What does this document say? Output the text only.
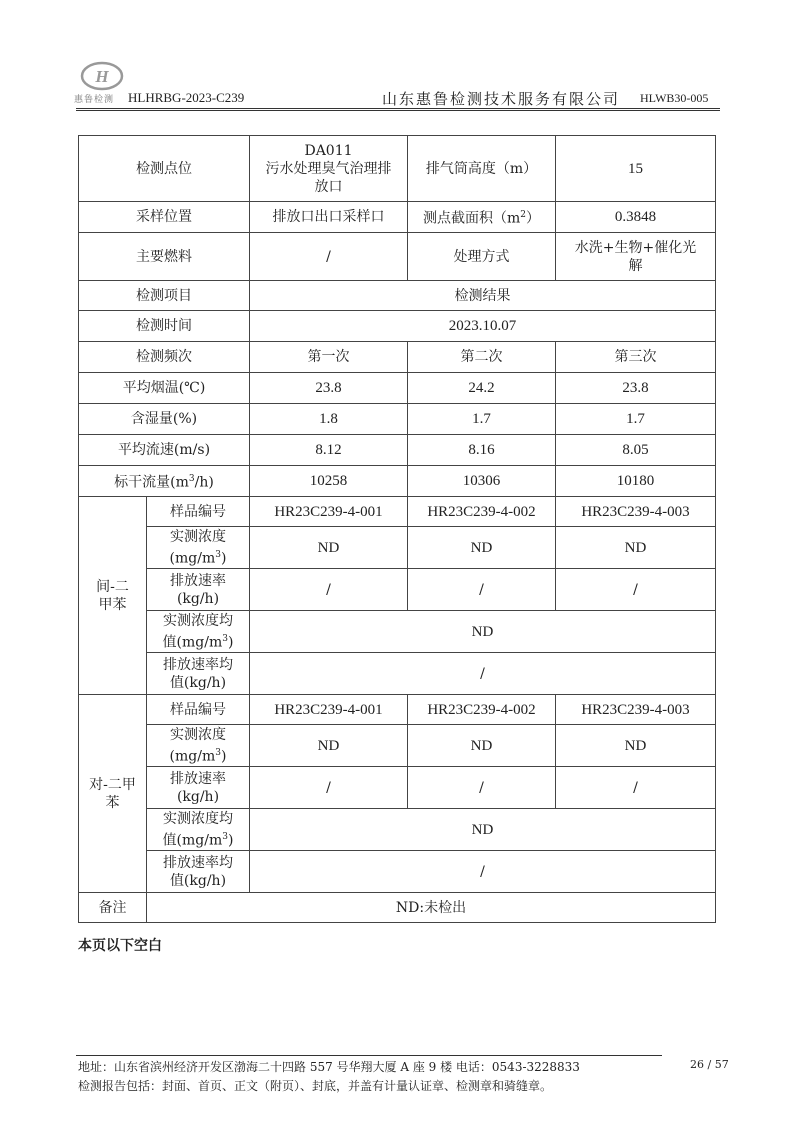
H
惠鲁检测 HLHRBG-2023-C239	山东惠鲁检测技术服务有限公司 HLWB30-005
检测点位		DA011
污水处理臭气治理排
放口	排气筒高度（m）	15
采样位置		排放口出口采样口	测点截面积$(m^2)$	0.3848
主要燃料		/	处理方式	水洗+生物+催化光
解
检测项目		检测结果		
检测时间		2023.10.07		
检测频次		第一次	第二次	第三次
平均烟温(℃)		23.8	24.2	23.8
含湿量(%)		1.8	1.7	1.7
平均流速(m/s)		8.12	8.16	8.05
标干流量$(m^3/h)$		10258	10306	10180
间-二
甲苯	样品编号	HR23C239-4-001	HR23C239-4-002	HR23C239-4-003
	实测浓度
$(mg/m^3)$	ND	ND	ND
	排放速率
(kg/h)	/	/	/
	实测浓度均
值$(mg/m^3)$	ND		
	排放速率均
值(kg/h)	/		
对-二甲
苯	样品编号	HR23C239-4-001	HR23C239-4-002	HR23C239-4-003
	实测浓度
$(mg/m^3)$	ND	ND	ND
	排放速率
(kg/h)	/	/	/
	实测浓度均
值$(mg/m^3)$	ND		
	排放速率均
值(kg/h)	/		
备注	ND:未检出			
本页以下空白
地址：山东省滨州经济开发区渤海二十四路 557 号华翔大厦 A 座 9 楼 电话：0543-3228833	26 / 57
检测报告包括：封面、首页、正文（附页）、封底，并盖有计量认证章、检测章和骑缝章。
